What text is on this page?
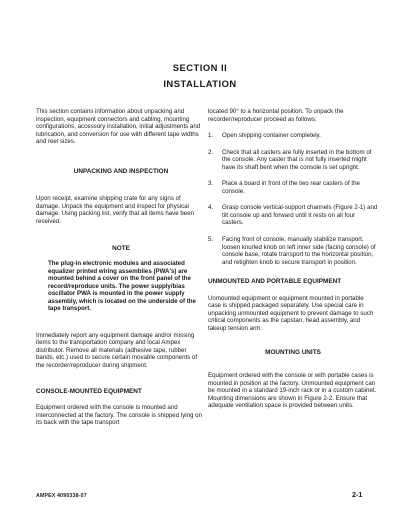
SECTION II
INSTALLATION

This section contains information about unpacking and inspection, equipment connectors and cabling, mounting configurations, accessory installation, initial adjustments and lubrication, and conversion for use with different tape widths and reel sizes.

UNPACKING AND INSPECTION

Upon receipt, examine shipping crate for any signs of damage. Unpack the equipment and inspect for physical damage. Using packing list, verify that all items have been received.

NOTE

The plug-in electronic modules and associated equalizer printed wiring assemblies (PWA's) are mounted behind a cover on the front panel of the record/reproduce units. The power supply/bias oscillator PWA is mounted in the power supply assembly, which is located on the underside of the tape transport.

Immediately report any equipment damage and/or missing items to the transportation company and local Ampex distributor. Remove all materials (adhesive tape, rubber bands, etc.) used to secure certain movable components of the recorder/reproducer during shipment.

CONSOLE-MOUNTED EQUIPMENT

Equipment ordered with the console is mounted and interconnected at the factory. The console is shipped lying on its back with the tape transport

located 90° to a horizontal position. To unpack the recorder/reproducer proceed as follows:

1.	Open shipping container completely.
2.	Check that all casters are fully inserted in the bottom of the console. Any caster that is not fully inserted might have its shaft bent when the console is set upright.
3.	Place a board in front of the two rear casters of the console.
4.	Grasp console vertical-support channels (Figure 2-1) and tilt console up and forward until it rests on all four casters.
5.	Facing front of console, manually stabilize transport, loosen knurled knob on left inner side (facing console) of console base, rotate transport to the horizontal position, and retighten knob to secure transport in position.

UNMOUNTED AND PORTABLE EQUIPMENT

Unmounted equipment or equipment mounted in portable case is shipped packaged separately. Use special care in unpacking unmounted equipment to prevent damage to such critical components as the capstan, head assembly, and takeup tension arm.

MOUNTING UNITS

Equipment ordered with the console or with portable cases is mounted in position at the factory. Unmounted equipment can be mounted in a standard 19-inch rack or in a custom cabinet. Mounting dimensions are shown in Figure 2-2. Ensure that adequate ventilation space is provided between units.

AMPEX 4090338-07	2-1
